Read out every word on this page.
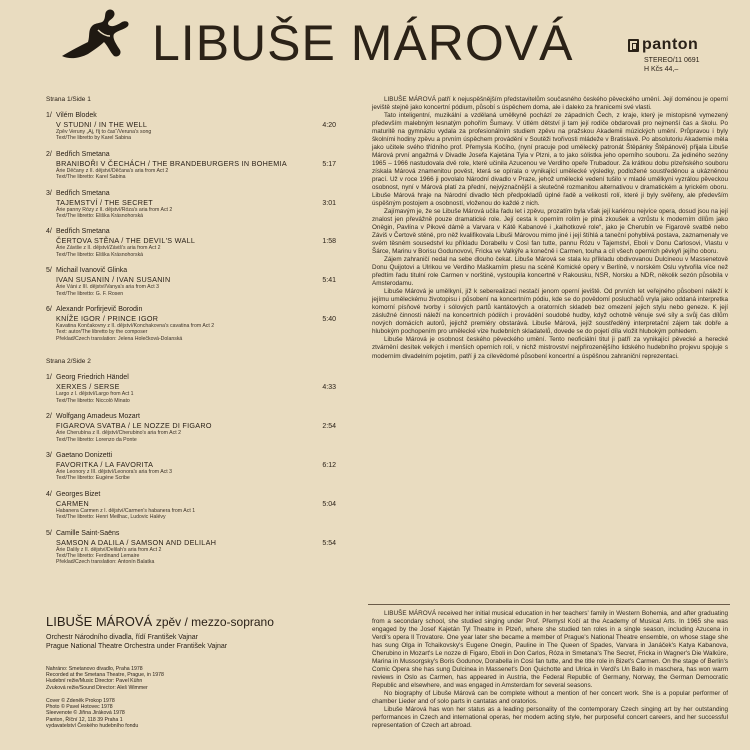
LIBUŠE MÁROVÁ	panton
STEREO/11 0691
H Kčs 44,–
Strana 1/Side 1
1/ Vilém Blodek
V STUDNI / IN THE WELL
Zpěv Veruny „Aj, říj to čas“/Veruna's song
Text/The libretto by Karel Sabina
4:20
2/ Bedřich Smetana
BRANIBOŘI V ČECHÁCH / THE BRANDEBURGERS IN BOHEMIA
Árie Děčany z II. dějství/Děčana's aria from Act 2
Text/The libretto: Karel Sabina
5:17
3/ Bedřich Smetana
TAJEMSTVÍ / THE SECRET
Árie panny Rózy z II. dějství/Róza's aria from Act 2
Text/The libretto: Eliška Krásnohorská
3:01
4/ Bedřich Smetana
ČERTOVA STĚNA / THE DEVIL'S WALL
Árie Záviše z II. dějství/Záviš's aria from Act 2
Text/The libretto: Eliška Krásnohorská
1:58
5/ Michail Ivanovič Glinka
IVAN SUSANIN / IVAN SUSANIN
Árie Váni z III. dějství/Vanya's aria from Act 3
Text/The libretto: G. F. Rosen
5:41
6/ Alexandr Porfirjevič Borodin
KNÍŽE IGOR / PRINCE IGOR
Kavatina Končakovny z II. dějství/Konchakovna's cavatina from Act 2
Text: autor/The libretto by the composer
Překlad/Czech translation: Jelena Holečková-Dolanská
5:40
Strana 2/Side 2
1/ Georg Friedrich Händel
XERXES / SERSE
Largo z I. dějství/Largo from Act 1
Text/The libretto: Niccolò Minato
4:33
2/ Wolfgang Amadeus Mozart
FIGAROVA SVATBA / LE NOZZE DI FIGARO
Árie Cherubína z II. dějství/Cherubino's aria from Act 2
Text/The libretto: Lorenzo da Ponte
2:54
3/ Gaetano Donizetti
FAVORITKA / LA FAVORITA
Árie Leonory z III. dějství/Leonora's aria from Act 3
Text/The libretto: Eugène Scribe
6:12
4/ Georges Bizet
CARMEN
Habanera Carmen z I. dějství/Carmen's habanera from Act 1
Text/The libretto: Henri Meilhac, Ludovic Halévy
5:04
5/ Camille Saint-Saëns
SAMSON A DALILA / SAMSON AND DELILAH
Árie Dalily z II. dějství/Delilah's aria from Act 2
Text/The libretto: Ferdinand Lemaire
Překlad/Czech translation: Antonín Balatka
5:54
LIBUŠE MÁROVÁ zpěv / mezzo-soprano
Orchestr Národního divadla, řídí František Vajnar
Prague National Theatre Orchestra under František Vajnar
Nahráno: Smetanovo divadlo, Praha 1978
Recorded at the Smetana Theatre, Prague, in 1978
Hudební režie/Music Director: Pavel Kühn
Zvuková režie/Sound Director: Aleš Wimmer
Cover © Zdeněk Prokop 1978
Photo © Pavel Hotovec 1978
Sleevenote © Jiřina Jiráková 1978
Panton, Říční 12, 118 39 Praha 1
vydavatelství Českého hudebního fondu

LIBUŠE MÁROVÁ patří k nejuspěšnějším představitelům současného českého pěveckého umění. Její doménou je operní jeviště stejně jako koncertní pódium, působí s úspěchem doma, ale i daleko za hranicemi své vlasti.

Tato inteligentní, muzikální a vzdělaná umělkyně pochází ze západních Čech, z kraje, který je mistopisně vymezený především malebným lesnatým pohořím Šumavy. V útlém dětství ji tam její rodiče obdarovali pro nejmenší čas a školu. Po maturitě na gymnáziu vydala za profesionálním studiem zpěvu na pražskou Akademii múzických umění. Průpravou i byly školními hodiny zpěvu a prvním úspěchem provádění v Soutěži tvořivosti mládeže v Bratislavě. Po absolutoriu Akademie měla jako učitele svého třídního prof. Přemysla Kočího, (nyní pracuje pod umělecký patronát Štěpánky Štěpánové) přijala Libuše Márová první angažmá v Divadle Josefa Kajetána Tyla v Plzni, a to jako sólistka jeho operního souboru. Za jediného sezóny 1965 – 1966 nastudovala dvě role, které učinila Azucenou ve Verdiho opeře Trubadour. Za krátkou dobu plzeňského souboru získala Márová znamenitou pověst, která se opírala o vynikající umělecké výsledky, podložené soustředěnou a ukázněnou prací. Už v roce 1966 ji povolalo Národní divadlo v Praze, jehož umělecké vedení tušilo v mladé umělkyni vyzrálou pěveckou osobnost, nyní v Márová platí za přední, nejvýznačnější a skutečně rozmanitou alternativou v dramatickém a lyrickém oboru. Libuše Márová hraje na Národní divadlo těch předpokladů úplné řadě a velikostí rolí, které ji byly svěřeny, ale především úspěšným postojem a osobností, vloženou do každé z nich.

Zajímavým je, že se Libuše Márová učila řadu let i zpěvu, prozatím byla však její kariérou nejvíce opera, dosud jsou na její znalost jen převážně pouze dramatické role. Její cesta k operním rolím je plná zkoušek a vzrůstu k moderním dílům jako Oněgin, Pavlína v Pikové dámě a Varvara v Kátě Kabanové i „kalhotkové role“, jako je Cherubín ve Figarově svatbě nebo Záviš v Čertově stěně, pro něž kvalifikovala Libuši Márovou mimo jiné i její štíhlá a taneční pohyblivá postava, zaznamenaly ve svém těsném sousedství ku příkladu Dorabellu v Così fan tutte, pannu Rózu v Tajemství, Eboli v Donu Carlosovi, Vlastu v Šárce, Marinu v Borisu Godunovovi, Fricka ve Valkýře a konečně i Carmen, touha a cíl všech operních pěvkyň jejího oboru.

Zájem zahraničí nedal na sebe dlouho čekat. Libuše Márová se stala ku příkladu obdivovanou Dulcineou v Massenetově Donu Quijotovi a Ulrikou ve Verdiho Maškarním plesu na scéně Komické opery v Berlíně, v norském Oslu vytvořila více než předtím řadu titulní role Carmen v norštině, vystoupila koncertně v Rakousku, NSR, Norsku a NDR, několik sezón působila v Amsterodamu.

Libuše Márová je umělkyní, jíž k seberealizaci nestačí jenom operní jeviště. Od prvních let veřejného působení náleží k jejímu uměleckému životopisu i působení na koncertním pódiu, kde se do povědomí posluchačů vryla jako oddaná interpretka komorní písňové tvorby i sólových partů kantátových a oratorních skladeb bez omezení jejich stylu nebo geneze. K její záslužné činnosti náleží na koncertních pódiích i provádění soudobé hudby, když ochotně věnuje své síly a svůj čas dílům nových domácích autorů, jejichž premiéry obstarává. Libuše Márová, jejíž soustředěný interpretační zájem tak dobře a hlubokým pochopením pro umělecké vize hudebních skladatelů, dovede se do pojetí díla vložit hlubokým pohledem.

Libuše Márová je osobnost českého pěveckého umění. Tento neoficiální titul ji patří za vynikající pěvecké a herecké ztvárnění desítek velkých i menších operních rolí, v nichž mistrovství nejpřirozenějšího lidského hudebního projevu spojuje s moderním divadelním pojetím, patří ji za cílevědomé působení koncertní a úspěšnou zahraniční reprezentaci.

LIBUŠE MÁROVÁ received her initial musical education in her teachers' family in Western Bohemia, and after graduating from a secondary school, she studied singing under Prof. Přemysl Kočí at the Academy of Musical Arts. In 1965 she was engaged by the Josef Kajetán Tyl Theatre in Plzeň, where she studied ten roles in a single season, including Azucena in Verdi's opera Il Trovatore. One year later she became a member of Prague's National Theatre ensemble, on whose stage she has sung Olga in Tchaikovsky's Eugene Onegin, Pauline in The Queen of Spades, Varvara in Janáček's Katya Kabanova, Cherubino in Mozart's Le nozze di Figaro, Eboli in Don Carlos, Róza in Smetana's The Secret, Fricka in Wagner's Die Walküre, Marina in Mussorgsky's Boris Godunov, Dorabella in Così fan tutte, and the title role in Bizet's Carmen. On the stage of Berlin's Comic Opera she has sung Dulcinea in Massenet's Don Quichotte and Ulrica in Verdi's Un Ballo in maschera, has won warm reviews in Oslo as Carmen, has appeared in Austria, the Federal Republic of Germany, Norway, the German Democratic Republic and elsewhere, and was engaged in Amsterdam for several seasons.

No biography of Libuše Márová can be complete without a mention of her concert work. She is a popular performer of chamber Lieder and of solo parts in cantatas and oratorios.

Libuše Márová has won her status as a leading personality of the contemporary Czech singing art by her outstanding performances in Czech and international operas, her modern acting style, her purposeful concert careers, and her successful representation of Czech art abroad.
